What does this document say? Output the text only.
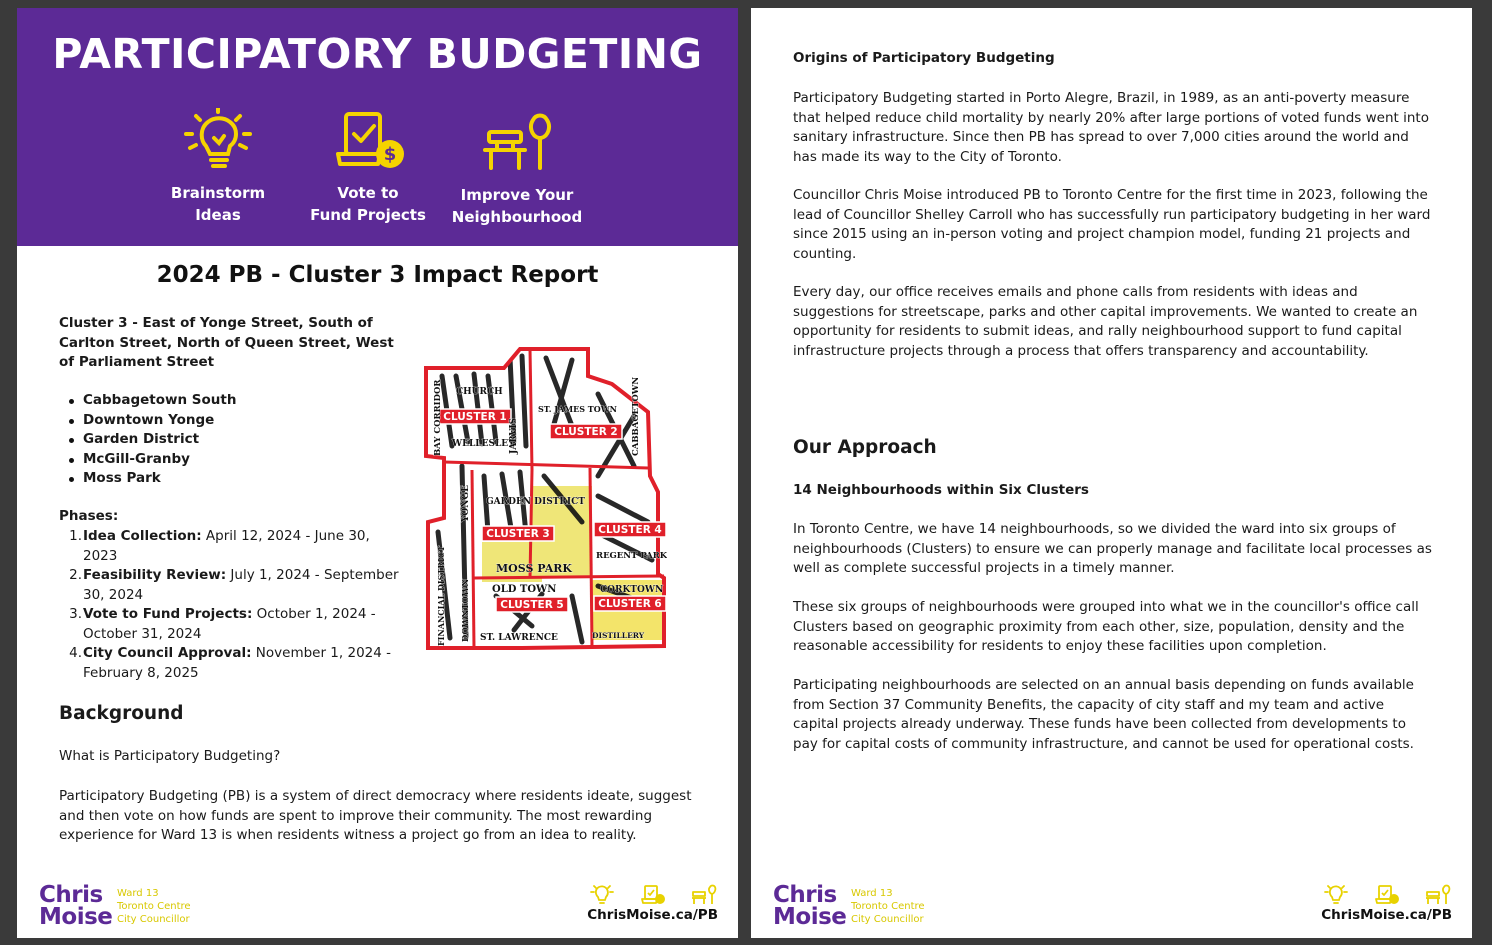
PARTICIPATORY BUDGETING
Brainstorm
Ideas
$
Vote to
Fund Projects
Improve Your
Neighbourhood
2024 PB - Cluster 3 Impact Report
Cluster 3 - East of Yonge Street, South of Carlton Street, North of Queen Street, West of Parliament Street
Cabbagetown South
Downtown Yonge
Garden District
McGill-Granby
Moss Park
Phases:
1. Idea Collection: April 12, 2024 - June 30, 2023
2. Feasibility Review: July 1, 2024 - September 30, 2024
3. Vote to Fund Projects: October 1, 2024 - October 31, 2024
4. City Council Approval: November 1, 2024 - February 8, 2025
CLUSTER 1
CLUSTER 2
CLUSTER 3	CLUSTER 4
CLUSTER 5	CLUSTER 6
BAY CORRIDOR CHURCH
WELLESLEY
JARVIS
ST. JAMES TOWN CABBAGETOWN
GARDEN DISTRICT
YONGE
DOWNTOWN
MOSS PARK
REGENT PARK
FINANCIAL DISTRICT	OLD TOWN
ST. LAWRENCE	DISTILLERY
CORKTOWN
Background
What is Participatory Budgeting?
Participatory Budgeting (PB) is a system of direct democracy where residents ideate, suggest and then vote on how funds are spent to improve their community. The most rewarding experience for Ward 13 is when residents witness a project go from an idea to reality.
Chris
Moise
Ward 13
Toronto Centre
City Councillor	ChrisMoise.ca/PB
Origins of Participatory Budgeting
Participatory Budgeting started in Porto Alegre, Brazil, in 1989, as an anti-poverty measure that helped reduce child mortality by nearly 20% after large portions of voted funds went into sanitary infrastructure. Since then PB has spread to over 7,000 cities around the world and has made its way to the City of Toronto.
Councillor Chris Moise introduced PB to Toronto Centre for the first time in 2023, following the lead of Councillor Shelley Carroll who has successfully run participatory budgeting in her ward since 2015 using an in-person voting and project champion model, funding 21 projects and counting.
Every day, our office receives emails and phone calls from residents with ideas and suggestions for streetscape, parks and other capital improvements. We wanted to create an opportunity for residents to submit ideas, and rally neighbourhood support to fund capital infrastructure projects through a process that offers transparency and accountability.
Our Approach
14 Neighbourhoods within Six Clusters
In Toronto Centre, we have 14 neighbourhoods, so we divided the ward into six groups of neighbourhoods (Clusters) to ensure we can properly manage and facilitate local processes as well as complete successful projects in a timely manner.
These six groups of neighbourhoods were grouped into what we in the councillor's office call Clusters based on geographic proximity from each other, size, population, density and the reasonable accessibility for residents to enjoy these facilities upon completion.
Participating neighbourhoods are selected on an annual basis depending on funds available from Section 37 Community Benefits, the capacity of city staff and my team and active capital projects already underway. These funds have been collected from developments to pay for capital costs of community infrastructure, and cannot be used for operational costs.
Chris
Moise
Ward 13
Toronto Centre
City Councillor	ChrisMoise.ca/PB
